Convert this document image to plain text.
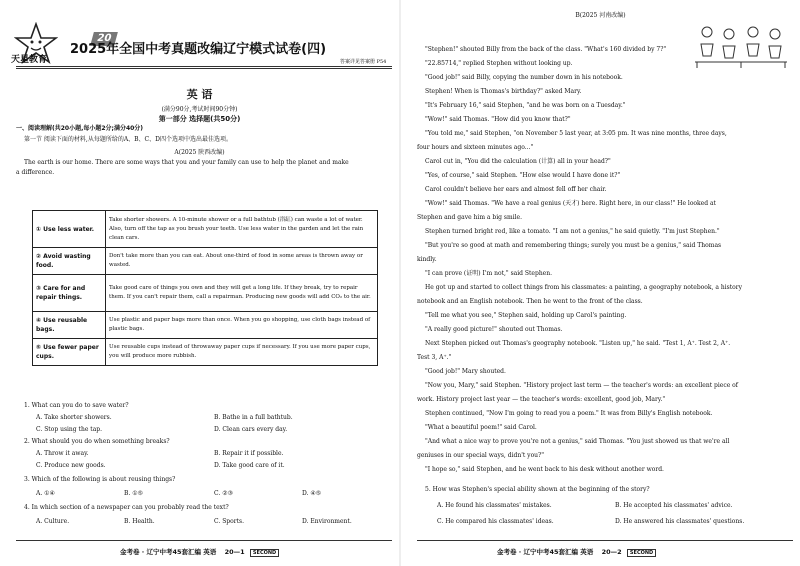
天星教育
20
2025年全国中考真题改编辽宁模式试卷(四)
答案详见答案册 P54
英 语
(满分90分,考试时间90分钟)
第一部分 选择题(共50分)
一、阅读理解(共20小题,每小题2分;满分40分)
第一节 阅读下面的材料,从每题所给的A、B、C、D四个选项中选出最佳选项。
A(2025 陕西改编)
The earth is our home. There are some ways that you and your family can use to help the planet and make
a difference.
① Use less water.	Take shorter showers. A 10-minute shower or a full bathtub (浴缸) can waste a lot of water. Also, turn off the tap as you brush your teeth. Use less water in the garden and let the rain clean cars.
② Avoid wasting food.	Don't take more than you can eat. About one-third of food in some areas is thrown away or wasted.
③ Care for and repair things.	Take good care of things you own and they will get a long life. If they break, try to repair them. If you can't repair them, call a repairman. Producing new goods will add CO₂ to the air.
④ Use reusable bags.	Use plastic and paper bags more than once. When you go shopping, use cloth bags instead of plastic bags.
⑤ Use fewer paper cups.	Use reusable cups instead of throwaway paper cups if necessary. If you use more paper cups, you will produce more rubbish.
1. What can you do to save water?
A. Take shorter showers.	B. Bathe in a full bathtub.
C. Stop using the tap.	D. Clean cars every day.
2. What should you do when something breaks?
A. Throw it away.	B. Repair it if possible.
C. Produce new goods.	D. Take good care of it.
3. Which of the following is about reusing things?
A. ①④	B. ①⑤	C. ②③	D. ④⑤
4. In which section of a newspaper can you probably read the text?
A. Culture.	B. Health.	C. Sports.	D. Environment.
金考卷 · 辽宁中考45套汇编 英语 20—1 SECOND
B(2025 河南改编)
"Stephen!" shouted Billy from the back of the class. "What's 160 divided by 7?"
"22.85714," replied Stephen without looking up.
"Good job!" said Billy, copying the number down in his notebook.
Stephen! When is Thomas's birthday?" asked Mary.
"It's February 16," said Stephen, "and he was born on a Tuesday."
"Wow!" said Thomas. "How did you know that?"
"You told me," said Stephen, "on November 5 last year, at 3:05 pm. It was nine months, three days,
four hours and sixteen minutes ago..."
Carol cut in, "You did the calculation (计算) all in your head?"
"Yes, of course," said Stephen. "How else would I have done it?"
Carol couldn't believe her ears and almost fell off her chair.
"Wow!" said Thomas. "We have a real genius (天才) here. Right here, in our class!" He looked at
Stephen and gave him a big smile.
Stephen turned bright red, like a tomato. "I am not a genius," he said quietly. "I'm just Stephen."
"But you're so good at math and remembering things; surely you must be a genius," said Thomas
kindly.
"I can prove (证明) I'm not," said Stephen.
He got up and started to collect things from his classmates: a painting, a geography notebook, a history
notebook and an English notebook. Then he went to the front of the class.
"Tell me what you see," Stephen said, holding up Carol's painting.
"A really good picture!" shouted out Thomas.
Next Stephen picked out Thomas's geography notebook. "Listen up," he said. "Test 1, A⁺. Test 2, A⁺.
Test 3, A⁺."
"Good job!" Mary shouted.
"Now you, Mary," said Stephen. "History project last term — the teacher's words: an excellent piece of
work. History project last year — the teacher's words: excellent, good job, Mary."
Stephen continued, "Now I'm going to read you a poem." It was from Billy's English notebook.
"What a beautiful poem!" said Carol.
"And what a nice way to prove you're not a genius," said Thomas. "You just showed us that we're all
geniuses in our special ways, didn't you?"
"I hope so," said Stephen, and he went back to his desk without another word.
5. How was Stephen's special ability shown at the beginning of the story?
A. He found his classmates' mistakes.	B. He accepted his classmates' advice.
C. He compared his classmates' ideas.	D. He answered his classmates' questions.
金考卷 · 辽宁中考45套汇编 英语 20—2 SECOND
